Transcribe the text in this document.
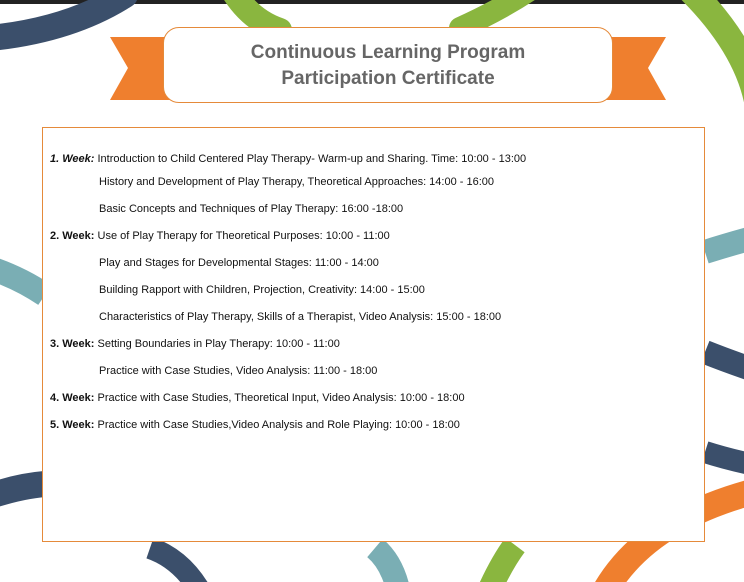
Continuous Learning Program
Participation Certificate
1. Week: Introduction to Child Centered Play Therapy- Warm-up and Sharing. Time: 10:00 - 13:00
History and Development of Play Therapy, Theoretical Approaches: 14:00 - 16:00
Basic Concepts and Techniques of Play Therapy: 16:00 -18:00
2. Week: Use of Play Therapy for Theoretical Purposes: 10:00 - 11:00
Play and Stages for Developmental Stages: 11:00 - 14:00
Building Rapport with Children, Projection, Creativity: 14:00 - 15:00
Characteristics of Play Therapy, Skills of a Therapist, Video Analysis: 15:00 - 18:00
3. Week: Setting Boundaries in Play Therapy: 10:00 - 11:00
Practice with Case Studies, Video Analysis: 11:00 - 18:00
4. Week: Practice with Case Studies, Theoretical Input, Video Analysis: 10:00 - 18:00
5. Week: Practice with Case Studies,Video Analysis and Role Playing: 10:00 - 18:00
